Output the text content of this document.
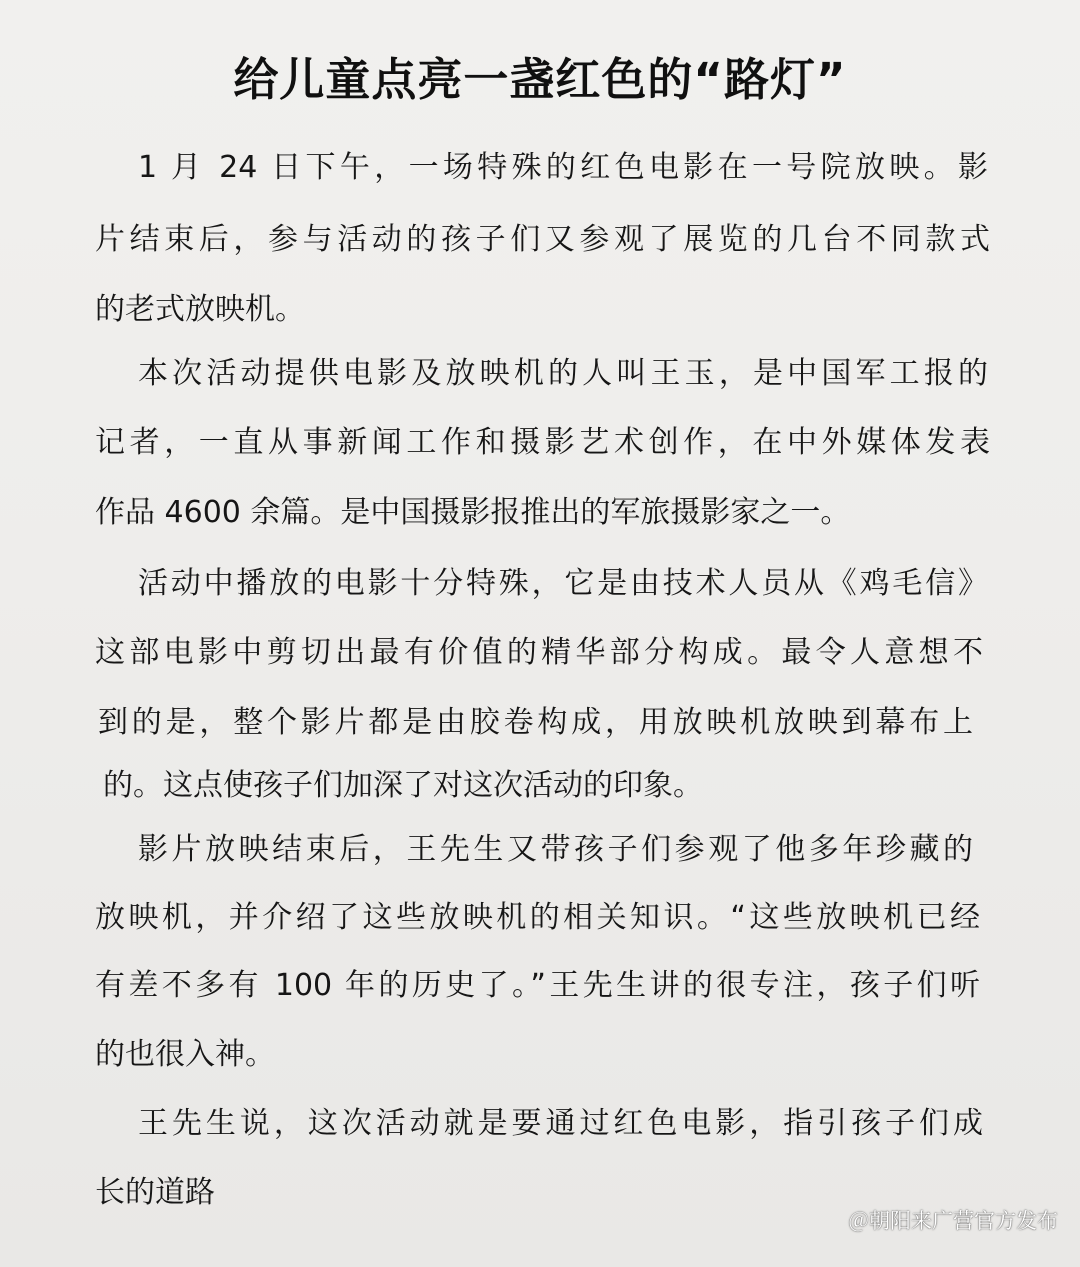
给儿童点亮一盏红色的“路灯”
1 月 24 日下午，一场特殊的红色电影在一号院放映。影
片结束后，参与活动的孩子们又参观了展览的几台不同款式
的老式放映机。
本次活动提供电影及放映机的人叫王玉，是中国军工报的
记者，一直从事新闻工作和摄影艺术创作，在中外媒体发表
作品 4600 余篇。是中国摄影报推出的军旅摄影家之一。
活动中播放的电影十分特殊，它是由技术人员从《鸡毛信》
这部电影中剪切出最有价值的精华部分构成。最令人意想不
到的是，整个影片都是由胶卷构成，用放映机放映到幕布上
的。这点使孩子们加深了对这次活动的印象。
影片放映结束后，王先生又带孩子们参观了他多年珍藏的
放映机，并介绍了这些放映机的相关知识。“这些放映机已经
有差不多有 100 年的历史了。”王先生讲的很专注，孩子们听
的也很入神。
王先生说，这次活动就是要通过红色电影，指引孩子们成
长的道路
＠朝阳来广营官方发布
